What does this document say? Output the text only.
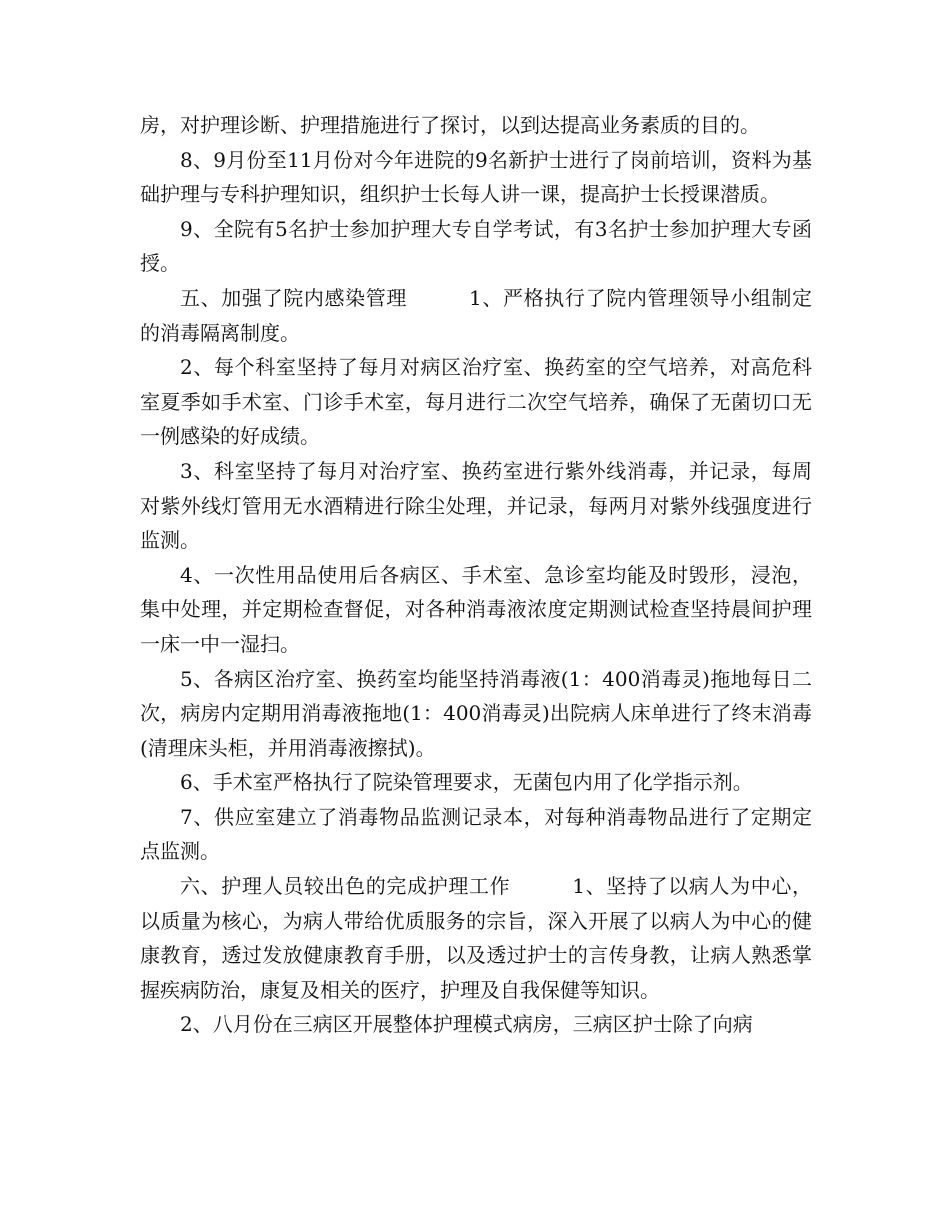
房，对护理诊断、护理措施进行了探讨，以到达提高业务素质的目的。

8、9月份至11月份对今年进院的9名新护士进行了岗前培训，资料为基础护理与专科护理知识，组织护士长每人讲一课，提高护士长授课潜质。

9、全院有5名护士参加护理大专自学考试，有3名护士参加护理大专函授。

五、加强了院内感染管理　　　1、严格执行了院内管理领导小组制定的消毒隔离制度。

2、每个科室坚持了每月对病区治疗室、换药室的空气培养，对高危科室夏季如手术室、门诊手术室，每月进行二次空气培养，确保了无菌切口无一例感染的好成绩。

3、科室坚持了每月对治疗室、换药室进行紫外线消毒，并记录，每周对紫外线灯管用无水酒精进行除尘处理，并记录，每两月对紫外线强度进行监测。

4、一次性用品使用后各病区、手术室、急诊室均能及时毁形，浸泡，集中处理，并定期检查督促，对各种消毒液浓度定期测试检查坚持晨间护理一床一中一湿扫。

5、各病区治疗室、换药室均能坚持消毒液(1：400消毒灵)拖地每日二次，病房内定期用消毒液拖地(1：400消毒灵)出院病人床单进行了终末消毒(清理床头柜，并用消毒液擦拭)。

6、手术室严格执行了院染管理要求，无菌包内用了化学指示剂。

7、供应室建立了消毒物品监测记录本，对每种消毒物品进行了定期定点监测。

六、护理人员较出色的完成护理工作　　　1、坚持了以病人为中心，以质量为核心，为病人带给优质服务的宗旨，深入开展了以病人为中心的健康教育，透过发放健康教育手册，以及透过护士的言传身教，让病人熟悉掌握疾病防治，康复及相关的医疗，护理及自我保健等知识。

2、八月份在三病区开展整体护理模式病房，三病区护士除了向病
